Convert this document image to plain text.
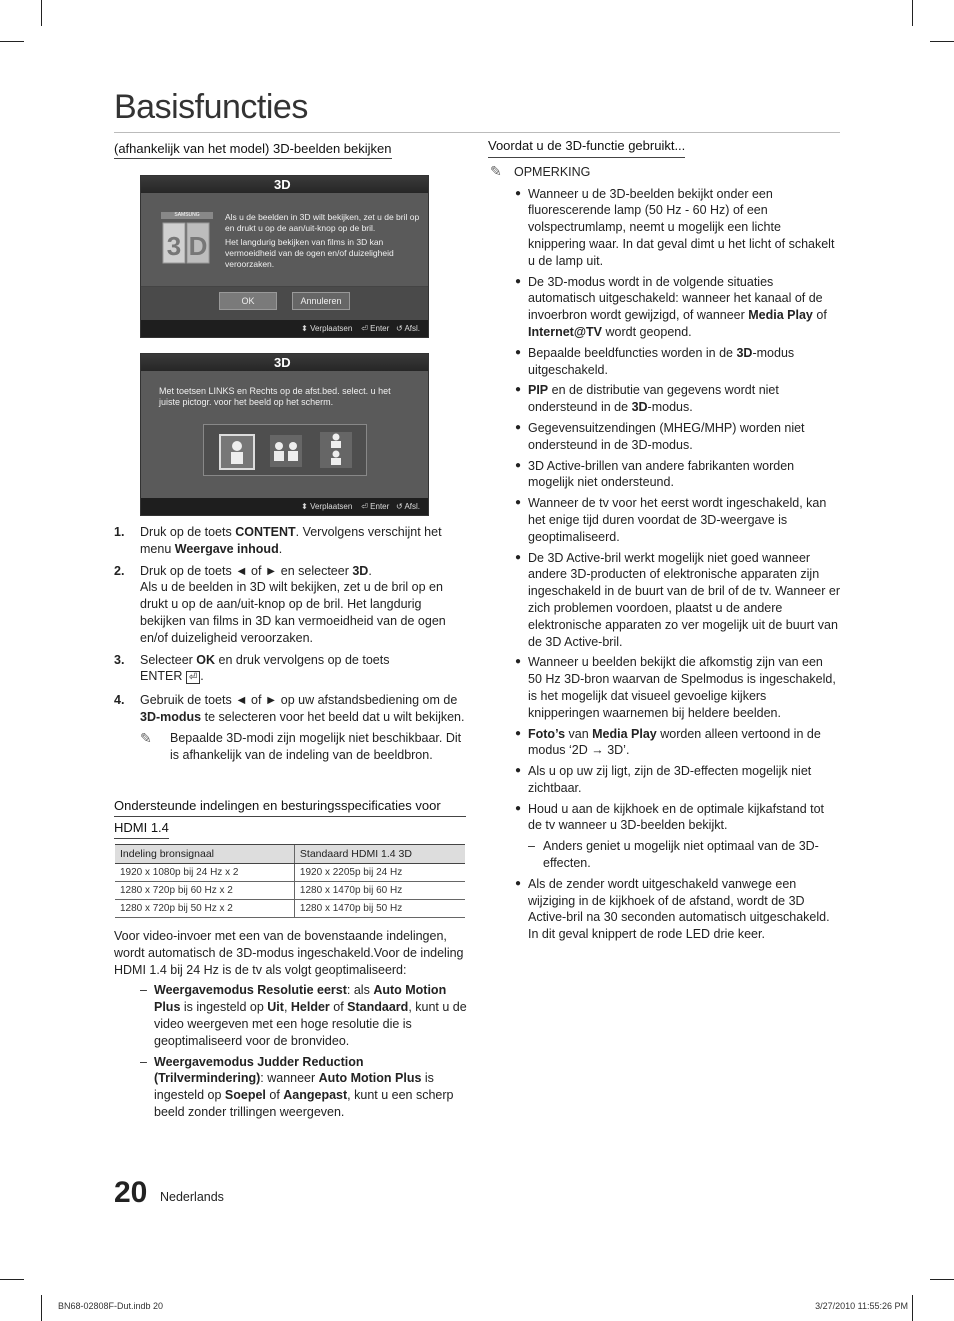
Basisfuncties
(afhankelijk van het model) 3D-beelden bekijken
3D
SAMSUNG
3 D
Als u de beelden in 3D wilt bekijken, zet u de bril op en drukt u op de aan/uit-knop op de bril.
Het langdurig bekijken van films in 3D kan vermoeidheid van de ogen en/of duizeligheid veroorzaken.
OK	Annuleren
⬍ Verplaatsen ⏎ Enter ↺ Afsl.
3D
Met toetsen LINKS en Rechts op de afst.bed. select. u het juiste pictogr. voor het beeld op het scherm.
⬍ Verplaatsen ⏎ Enter ↺ Afsl.
1. Druk op de toets CONTENT. Vervolgens verschijnt het menu Weergave inhoud.
2. Druk op de toets ◄ of ► en selecteer 3D.
Als u de beelden in 3D wilt bekijken, zet u de bril op en drukt u op de aan/uit-knop op de bril. Het langdurig bekijken van films in 3D kan vermoeidheid van de ogen en/of duizeligheid veroorzaken.
3. Selecteer OK en druk vervolgens op de toets
ENTER ⏎ .
4. Gebruik de toets ◄ of ► op uw afstandsbediening om de 3D-modus te selecteren voor het beeld dat u wilt bekijken.
✎ Bepaalde 3D-modi zijn mogelijk niet beschikbaar. Dit is afhankelijk van de indeling van de beeldbron.
Ondersteunde indelingen en besturingsspecificaties voor
HDMI 1.4
Indeling bronsignaal	Standaard HDMI 1.4 3D
1920 x 1080p bij 24 Hz x 2	1920 x 2205p bij 24 Hz
1280 x 720p bij 60 Hz x 2	1280 x 1470p bij 60 Hz
1280 x 720p bij 50 Hz x 2	1280 x 1470p bij 50 Hz
Voor video-invoer met een van de bovenstaande indelingen, wordt automatisch de 3D-modus ingeschakeld.Voor de indeling HDMI 1.4 bij 24 Hz is de tv als volgt geoptimaliseerd:
– Weergavemodus Resolutie eerst: als Auto Motion Plus is ingesteld op Uit, Helder of Standaard, kunt u de video weergeven met een hoge resolutie die is geoptimaliseerd voor de bronvideo.
– Weergavemodus Judder Reduction (Trilvermindering): wanneer Auto Motion Plus is ingesteld op Soepel of Aangepast, kunt u een scherp beeld zonder trillingen weergeven.
Voordat u de 3D-functie gebruikt...
✎ OPMERKING
● Wanneer u de 3D-beelden bekijkt onder een fluorescerende lamp (50 Hz - 60 Hz) of een volspectrumlamp, neemt u mogelijk een lichte knippering waar. In dat geval dimt u het licht of schakelt u de lamp uit.
● De 3D-modus wordt in de volgende situaties automatisch uitgeschakeld: wanneer het kanaal of de invoerbron wordt gewijzigd, of wanneer Media Play of Internet@TV wordt geopend.
● Bepaalde beeldfuncties worden in de 3D-modus uitgeschakeld.
● PIP en de distributie van gegevens wordt niet ondersteund in de 3D-modus.
● Gegevensuitzendingen (MHEG/MHP) worden niet ondersteund in de 3D-modus.
● 3D Active-brillen van andere fabrikanten worden mogelijk niet ondersteund.
● Wanneer de tv voor het eerst wordt ingeschakeld, kan het enige tijd duren voordat de 3D-weergave is geoptimaliseerd.
● De 3D Active-bril werkt mogelijk niet goed wanneer andere 3D-producten of elektronische apparaten zijn ingeschakeld in de buurt van de bril of de tv. Wanneer er zich problemen voordoen, plaatst u de andere elektronische apparaten zo ver mogelijk uit de buurt van de 3D Active-bril.
● Wanneer u beelden bekijkt die afkomstig zijn van een 50 Hz 3D-bron waarvan de Spelmodus is ingeschakeld, is het mogelijk dat visueel gevoelige kijkers knipperingen waarnemen bij heldere beelden.
● Foto’s van Media Play worden alleen vertoond in de modus ‘2D → 3D’.
● Als u op uw zij ligt, zijn de 3D-effecten mogelijk niet zichtbaar.
● Houd u aan de kijkhoek en de optimale kijkafstand tot de tv wanneer u 3D-beelden bekijkt.
– Anders geniet u mogelijk niet optimaal van de 3D-effecten.
● Als de zender wordt uitgeschakeld vanwege een wijziging in de kijkhoek of de afstand, wordt de 3D Active-bril na 30 seconden automatisch uitgeschakeld. In dit geval knippert de rode LED drie keer.
20 Nederlands
BN68-02808F-Dut.indb 20	3/27/2010 11:55:26 PM
